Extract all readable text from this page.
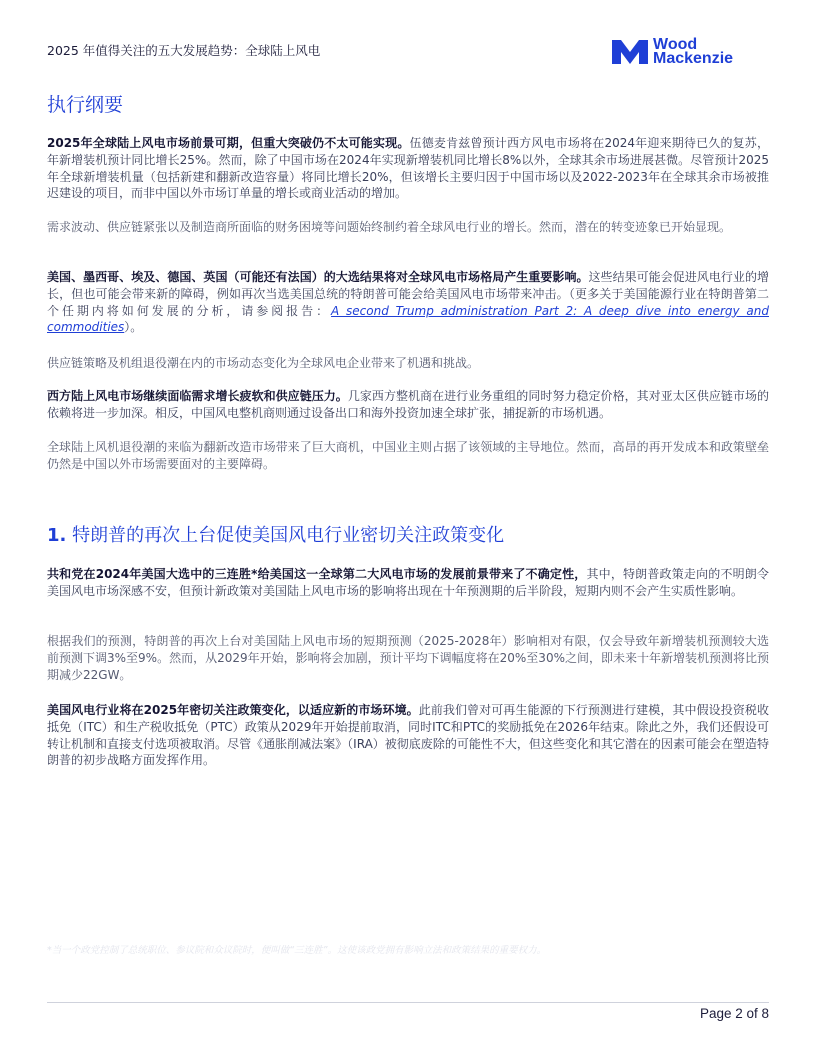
2025 年值得关注的五大发展趋势：全球陆上风电	Wood
Mackenzie
执行纲要
2025年全球陆上风电市场前景可期，但重大突破仍不太可能实现。伍德麦肯兹曾预计西方风电市场将在2024年迎来期待已久的复苏，年新增装机预计同比增长25%。然而，除了中国市场在2024年实现新增装机同比增长8%以外，全球其余市场进展甚微。尽管预计2025年全球新增装机量（包括新建和翻新改造容量）将同比增长20%，但该增长主要归因于中国市场以及2022-2023年在全球其余市场被推迟建设的项目，而非中国以外市场订单量的增长或商业活动的增加。
需求波动、供应链紧张以及制造商所面临的财务困境等问题始终制约着全球风电行业的增长。然而，潜在的转变迹象已开始显现。
美国、墨西哥、埃及、德国、英国（可能还有法国）的大选结果将对全球风电市场格局产生重要影响。这些结果可能会促进风电行业的增长，但也可能会带来新的障碍，例如再次当选美国总统的特朗普可能会给美国风电市场带来冲击。（更多关于美国能源行业在特朗普第二个任期内将如何发展的分析，请参阅报告：A second Trump administration Part 2: A deep dive into energy and commodities）。
供应链策略及机组退役潮在内的市场动态变化为全球风电企业带来了机遇和挑战。
西方陆上风电市场继续面临需求增长疲软和供应链压力。几家西方整机商在进行业务重组的同时努力稳定价格，其对亚太区供应链市场的依赖将进一步加深。相反，中国风电整机商则通过设备出口和海外投资加速全球扩张，捕捉新的市场机遇。
全球陆上风机退役潮的来临为翻新改造市场带来了巨大商机，中国业主则占据了该领域的主导地位。然而，高昂的再开发成本和政策壁垒仍然是中国以外市场需要面对的主要障碍。
1. 特朗普的再次上台促使美国风电行业密切关注政策变化
共和党在2024年美国大选中的三连胜*给美国这一全球第二大风电市场的发展前景带来了不确定性，其中，特朗普政策走向的不明朗令美国风电市场深感不安，但预计新政策对美国陆上风电市场的影响将出现在十年预测期的后半阶段，短期内则不会产生实质性影响。
根据我们的预测，特朗普的再次上台对美国陆上风电市场的短期预测（2025-2028年）影响相对有限，仅会导致年新增装机预测较大选前预测下调3%至9%。然而，从2029年开始，影响将会加剧，预计平均下调幅度将在20%至30%之间，即未来十年新增装机预测将比预期减少22GW。
美国风电行业将在2025年密切关注政策变化，以适应新的市场环境。此前我们曾对可再生能源的下行预测进行建模，其中假设投资税收抵免（ITC）和生产税收抵免（PTC）政策从2029年开始提前取消，同时ITC和PTC的奖励抵免在2026年结束。除此之外，我们还假设可转让机制和直接支付选项被取消。尽管《通胀削减法案》（IRA）被彻底废除的可能性不大，但这些变化和其它潜在的因素可能会在塑造特朗普的初步战略方面发挥作用。
*当一个政党控制了总统职位、参议院和众议院时，便叫做“三连胜”。这使该政党拥有影响立法和政策结果的重要权力。
Page 2 of 8
